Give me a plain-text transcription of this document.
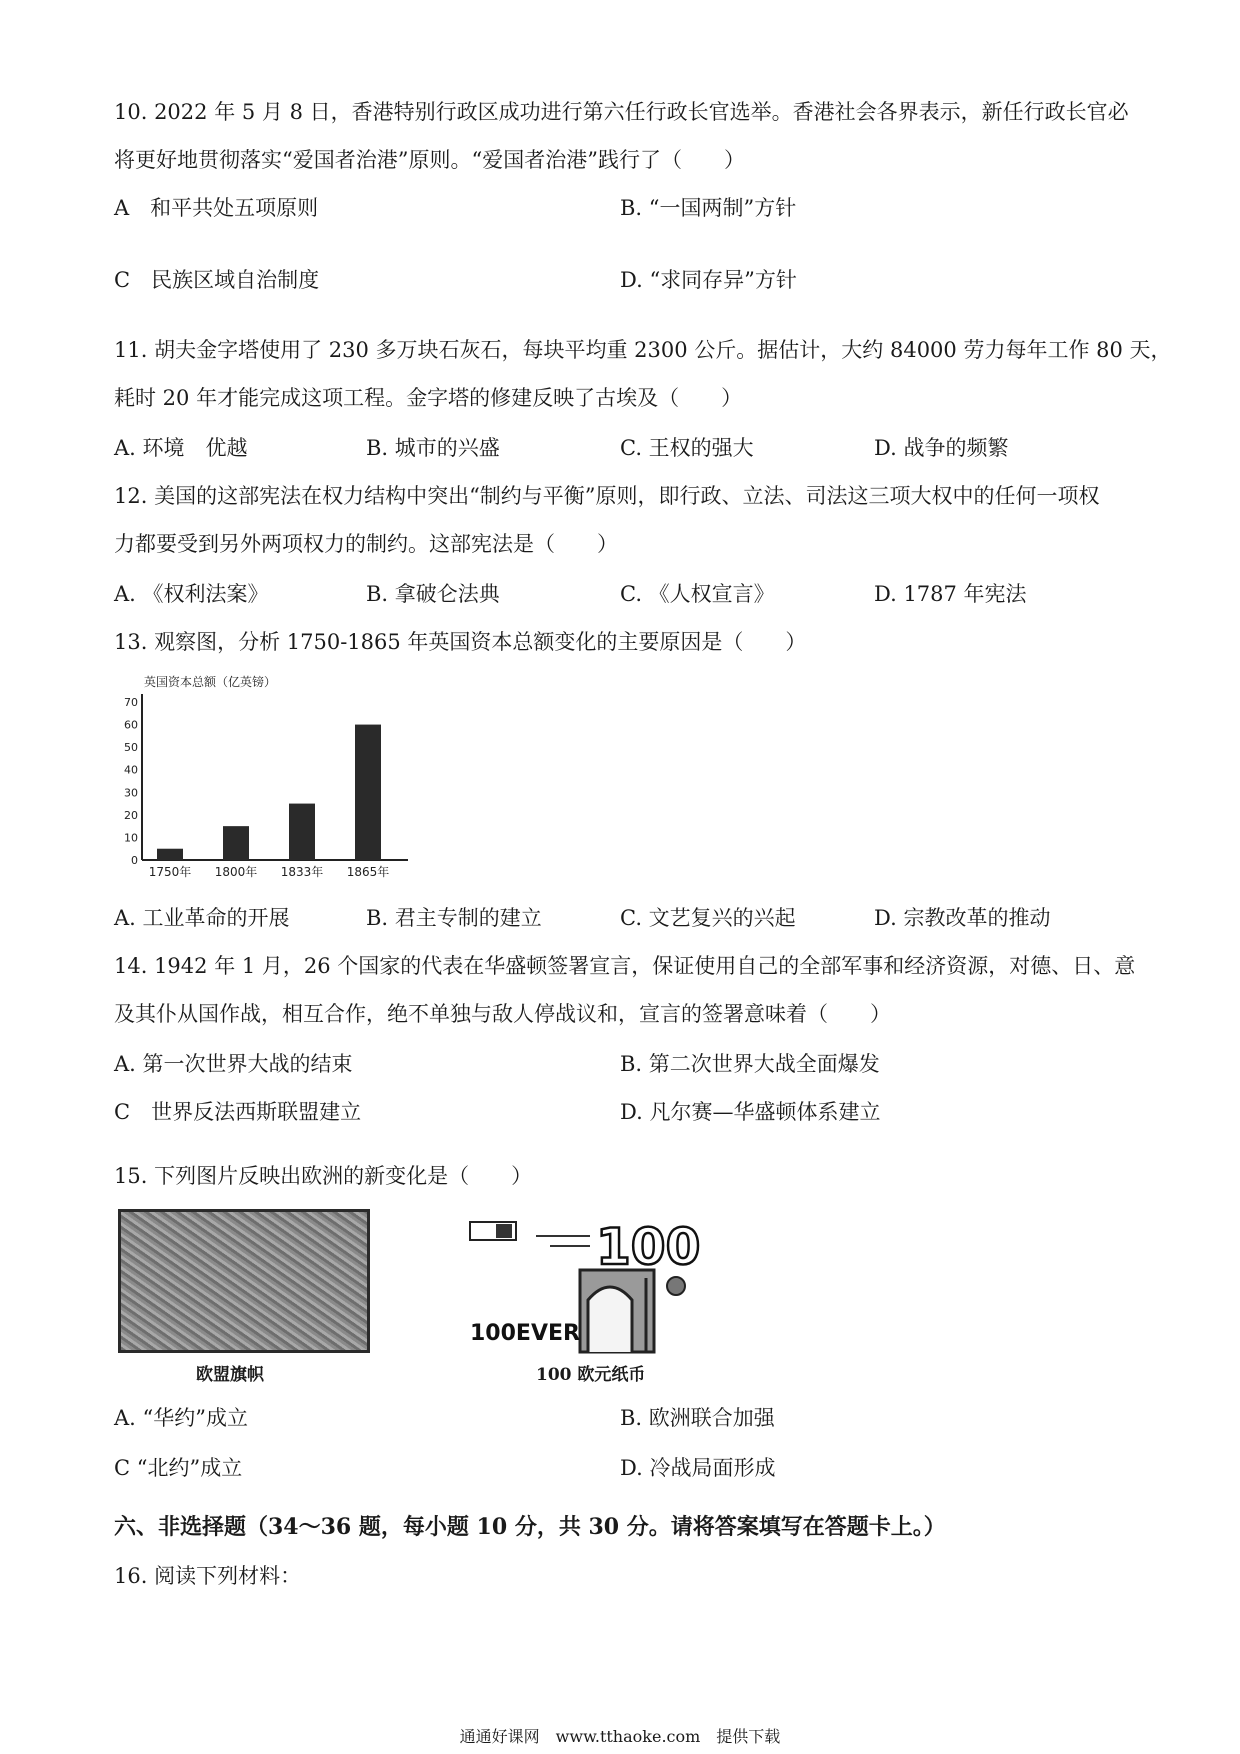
10. 2022 年 5 月 8 日，香港特别行政区成功进行第六任行政长官选举。香港社会各界表示，新任行政长官必
将更好地贯彻落实“爱国者治港”原则。“爱国者治港”践行了（　　）
A　和平共处五项原则	B. “一国两制”方针
C　民族区域自治制度	D. “求同存异”方针
11. 胡夫金字塔使用了 230 多万块石灰石，每块平均重 2300 公斤。据估计，大约 84000 劳力每年工作 80 天，
耗时 20 年才能完成这项工程。金字塔的修建反映了古埃及（　　）
A. 环境　优越	B. 城市的兴盛	C. 王权的强大	D. 战争的频繁
12. 美国的这部宪法在权力结构中突出“制约与平衡”原则，即行政、立法、司法这三项大权中的任何一项权
力都要受到另外两项权力的制约。这部宪法是（　　）
A. 《权利法案》	B. 拿破仑法典	C. 《人权宣言》	D. 1787 年宪法
13. 观察图，分析 1750-1865 年英国资本总额变化的主要原因是（　　）
英国资本总额（亿英镑）
0
10
20
30
40
50
60
70
1750年 1800年 1833年 1865年
A. 工业革命的开展	B. 君主专制的建立	C. 文艺复兴的兴起	D. 宗教改革的推动
14. 1942 年 1 月，26 个国家的代表在华盛顿签署宣言，保证使用自己的全部军事和经济资源，对德、日、意
及其仆从国作战，相互合作，绝不单独与敌人停战议和，宣言的签署意味着（　　）
A. 第一次世界大战的结束	B. 第二次世界大战全面爆发
C　世界反法西斯联盟建立	D. 凡尔赛—华盛顿体系建立
15. 下列图片反映出欧洲的新变化是（　　）
欧盟旗帜
100
100EVER
100 欧元纸币
A. “华约”成立	B. 欧洲联合加强
C “北约”成立	D. 冷战局面形成
六、非选择题（34～36 题，每小题 10 分，共 30 分。请将答案填写在答题卡上。）
16. 阅读下列材料：
通通好课网　www.tthaoke.com　提供下载
